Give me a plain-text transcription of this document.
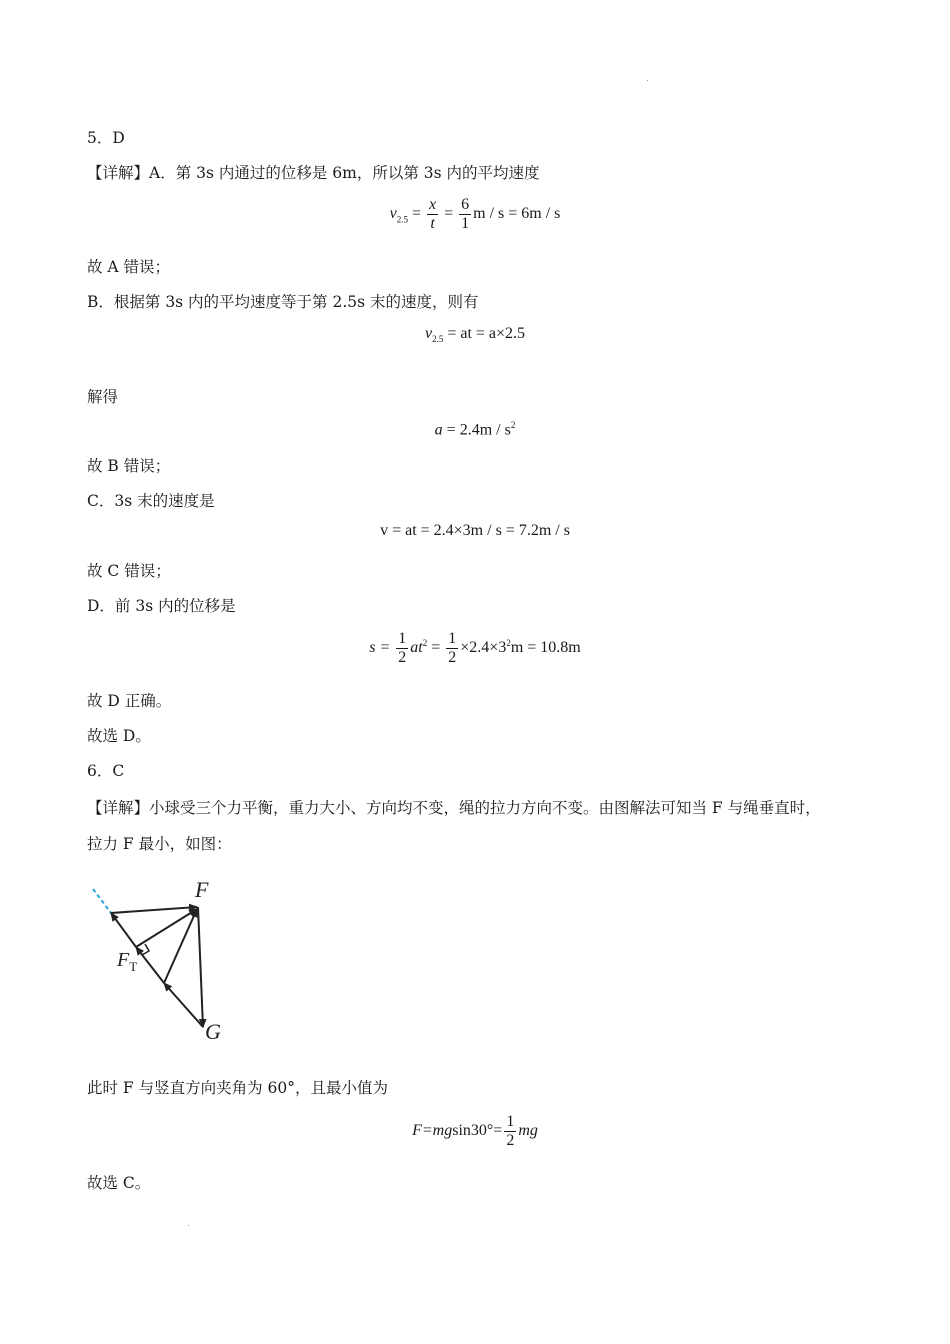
5．D
【详解】A．第 3s 内通过的位移是 6m，所以第 3s 内的平均速度
$v_{2.5} = \frac{x}{t} = \frac{6}{1}$ m / s = 6m / s
故 A 错误；
B．根据第 3s 内的平均速度等于第 2.5s 末的速度，则有
$v_{2.5}$ = at = a×2.5
解得
$a = 2.4m / s^2$
故 B 错误；
C．3s 末的速度是
v = at = 2.4×3m / s = 7.2m / s
故 C 错误；
D．前 3s 内的位移是
$s = \frac{1}{2} at^2 = \frac{1}{2} \times 2.4\times 3^2m = 10.8m$
故 D 正确。
故选 D。
6．C
【详解】小球受三个力平衡，重力大小、方向均不变，绳的拉力方向不变。由图解法可知当 F 与绳垂直时，
拉力 F 最小，如图：
F
$F_T$
G
此时 F 与竖直方向夹角为 60°，且最小值为
$F=mgsin30^\circ= \frac{1}{2}$ mg
故选 C。
